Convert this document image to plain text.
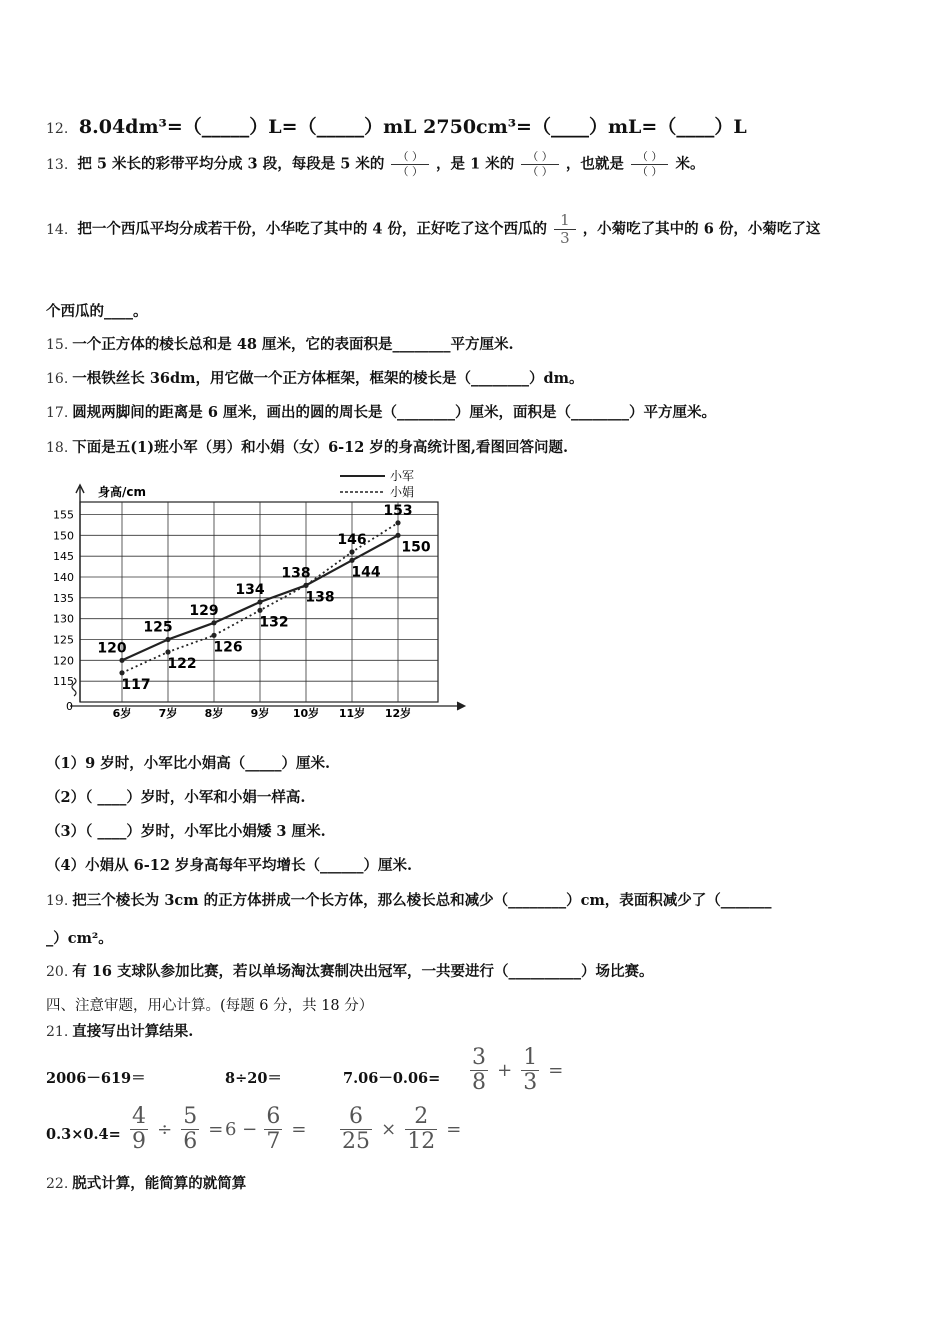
12. 8.04dm³=（_____）L=（_____）mL 2750cm³=（____）mL=（____）L
13. 把 5 米长的彩带平均分成 3 段，每段是 5 米的 $\frac{( )}{( )}$ ，是 1 米的 $\frac{( )}{( )}$ ，也就是 $\frac{( )}{( )}$ 米。
14. 把一个西瓜平均分成若干份，小华吃了其中的 4 份，正好吃了这个西瓜的 $\frac{1}{3}$ ，小菊吃了其中的 6 份，小菊吃了这
个西瓜的____。
15. 一个正方体的棱长总和是 48 厘米，它的表面积是________平方厘米.
16. 一根铁丝长 36dm，用它做一个正方体框架，框架的棱长是（________）dm。
17. 圆规两脚间的距离是 6 厘米，画出的圆的周长是（________）厘米，面积是（________）平方厘米。
18. 下面是五(1)班小军（男）和小娟（女）6-12 岁的身高统计图,看图回答问题.
115
120
125
130
135
140
145
150
155
6岁 7岁 8岁 9岁 10岁 11岁 12岁
0
身高/cm
小军
小娟
120
125
129
134
138	144
150
117
122
126
132
138
146
153
（1）9 岁时，小军比小娟高（_____）厘米.
（2）（ ____）岁时，小军和小娟一样高.
（3）（ ____）岁时，小军比小娟矮 3 厘米.
（4）小娟从 6-12 岁身高每年平均增长（______）厘米.
19. 把三个棱长为 3cm 的正方体拼成一个长方体，那么棱长总和减少（________）cm，表面积减少了（_______
_）cm²。
20. 有 16 支球队参加比赛，若以单场淘汰赛制决出冠军，一共要进行（__________）场比赛。
四、注意审题，用心计算。(每题 6 分，共 18 分）
21. 直接写出计算结果.
2006－619＝	8÷20＝	$7.06-0.06= \frac{3}{8} + \frac{1}{3}$ =
$0.3\times 0.4= \frac{4}{9} \div \frac{5}{6} = 6 - \frac{6}{7} = \frac{6}{25} \times \frac{2}{12}$ =
22. 脱式计算，能简算的就简算
